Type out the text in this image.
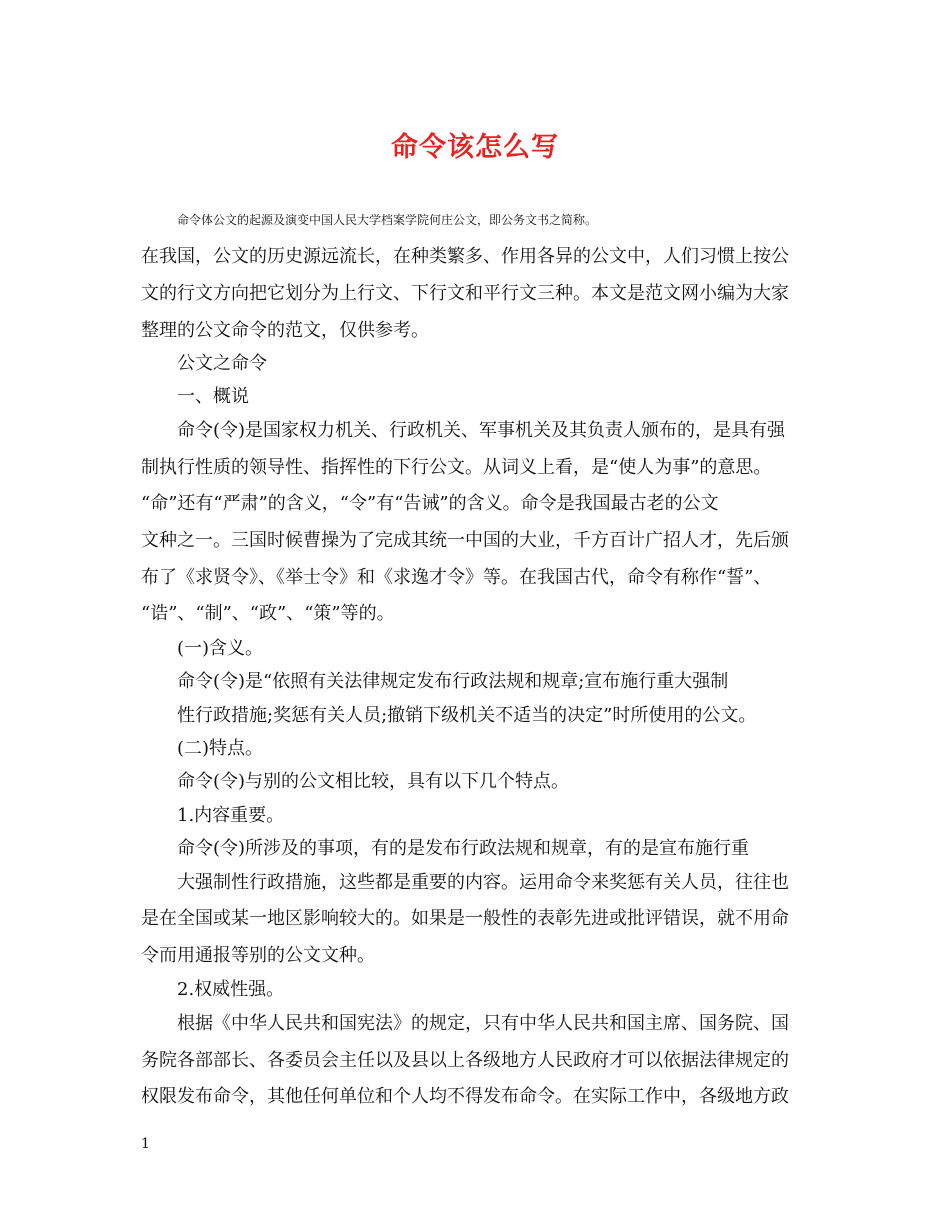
命令该怎么写

命令体公文的起源及演变中国人民大学档案学院何庄公文，即公务文书之简称。

在我国，公文的历史源远流长，在种类繁多、作用各异的公文中，人们习惯上按公

文的行文方向把它划分为上行文、下行文和平行文三种。本文是范文网小编为大家

整理的公文命令的范文，仅供参考。

公文之命令

一、概说

命令(令)是国家权力机关、行政机关、军事机关及其负责人颁布的，是具有强

制执行性质的领导性、指挥性的下行公文。从词义上看，是“使人为事”的意思。

“命”还有“严肃”的含义，“令”有“告诫”的含义。命令是我国最古老的公文

文种之一。三国时候曹操为了完成其统一中国的大业，千方百计广招人才，先后颁

布了《求贤令》、《举士令》和《求逸才令》等。在我国古代，命令有称作“誓”、

“诰”、“制”、“政”、“策”等的。

(一)含义。

命令(令)是“依照有关法律规定发布行政法规和规章;宣布施行重大强制

性行政措施;奖惩有关人员;撤销下级机关不适当的决定”时所使用的公文。

(二)特点。

命令(令)与别的公文相比较，具有以下几个特点。

1.内容重要。

命令(令)所涉及的事项，有的是发布行政法规和规章，有的是宣布施行重

大强制性行政措施，这些都是重要的内容。运用命令来奖惩有关人员，往往也

是在全国或某一地区影响较大的。如果是一般性的表彰先进或批评错误，就不用命

令而用通报等别的公文文种。

2.权威性强。

根据《中华人民共和国宪法》的规定，只有中华人民共和国主席、国务院、国

务院各部部长、各委员会主任以及县以上各级地方人民政府才可以依据法律规定的

权限发布命令，其他任何单位和个人均不得发布命令。在实际工作中，各级地方政

1
